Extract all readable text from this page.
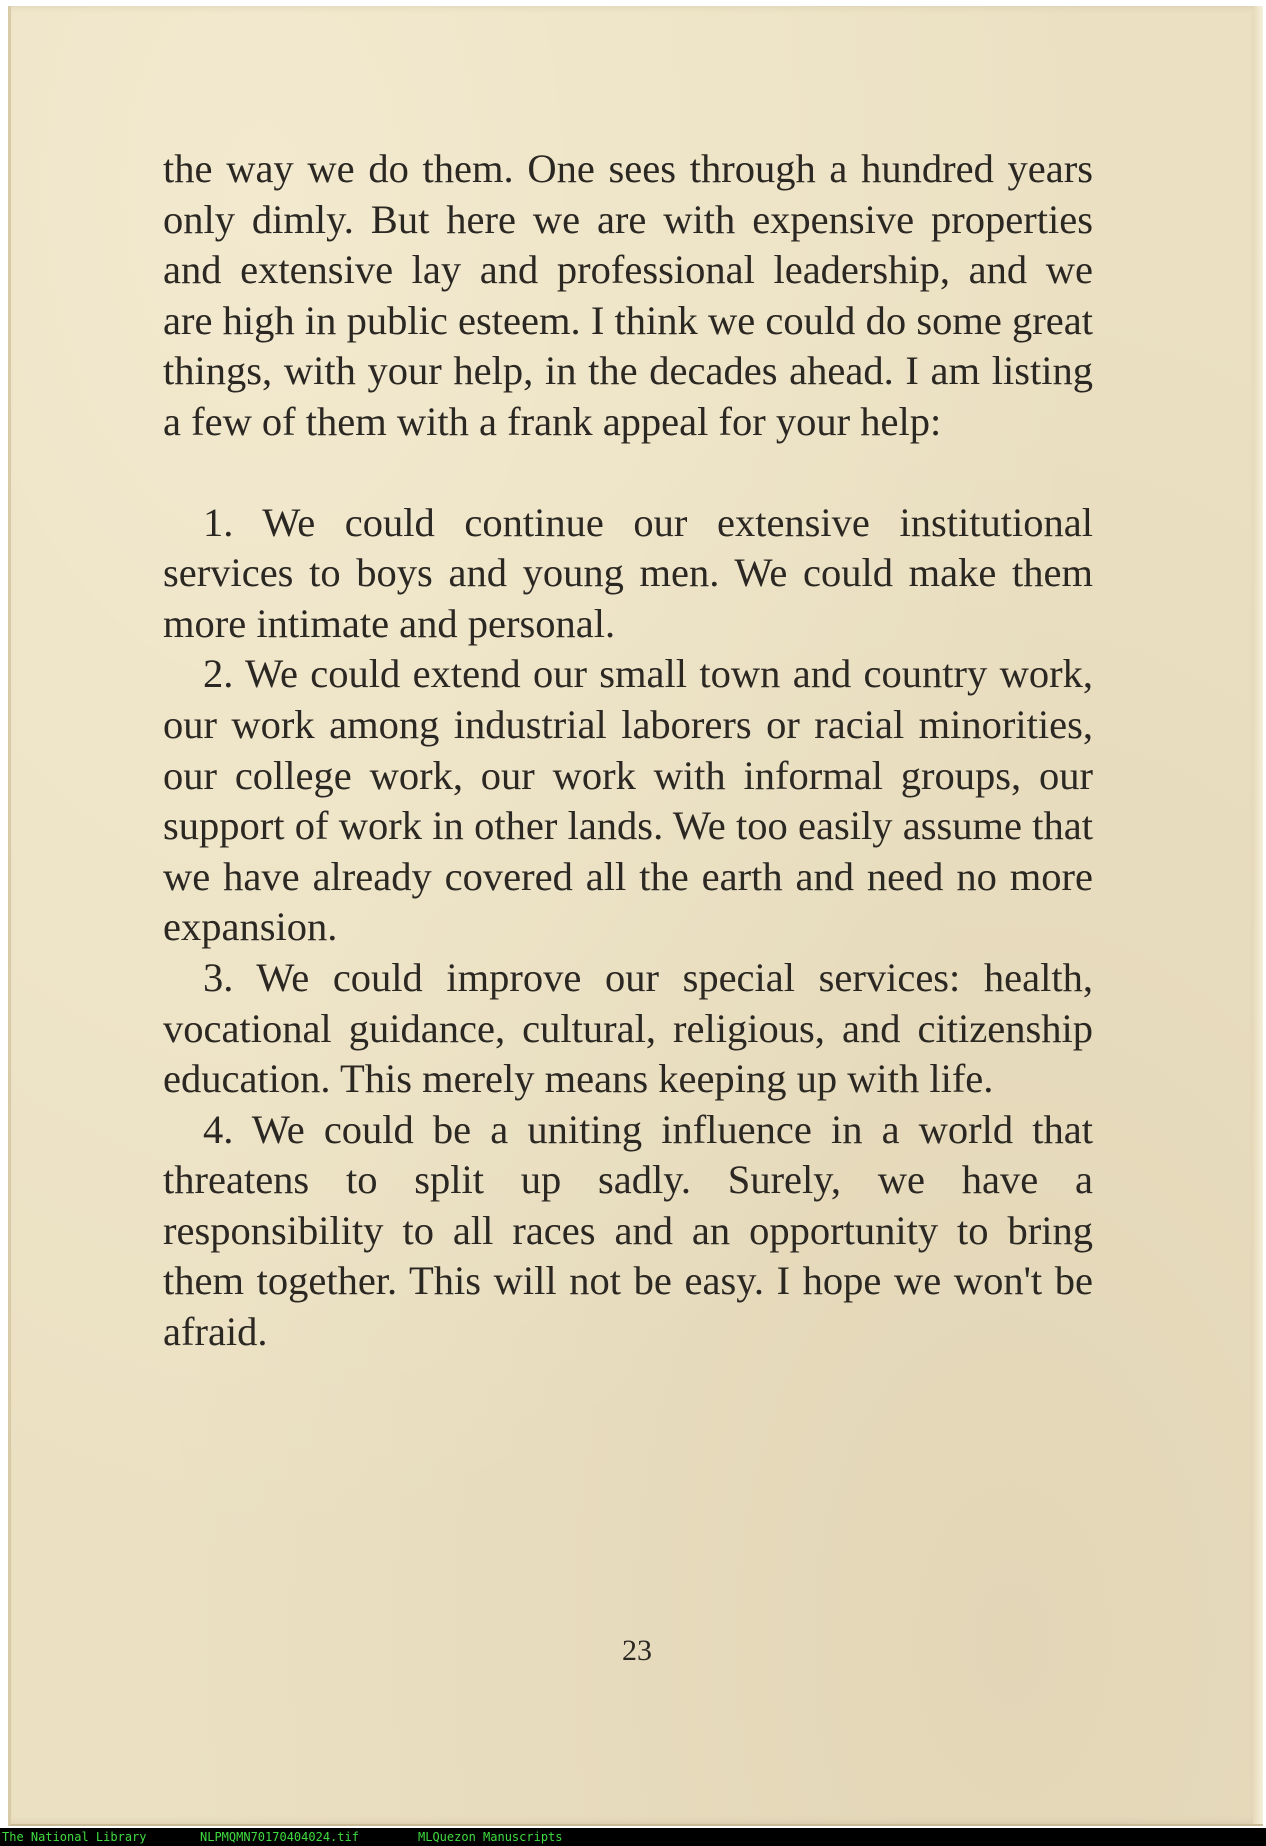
the way we do them. One sees through a hundred years only dimly. But here we are with expensive properties and extensive lay and professional leadership, and we are high in public esteem. I think we could do some great things, with your help, in the decades ahead. I am listing a few of them with a frank appeal for your help:

1. We could continue our extensive institutional services to boys and young men. We could make them more intimate and personal.

2. We could extend our small town and country work, our work among industrial laborers or racial minorities, our college work, our work with informal groups, our support of work in other lands. We too easily assume that we have already covered all the earth and need no more expansion.

3. We could improve our special services: health, vocational guidance, cultural, religious, and citizenship education. This merely means keeping up with life.

4. We could be a uniting influence in a world that threatens to split up sadly. Surely, we have a responsibility to all races and an opportunity to bring them together. This will not be easy. I hope we won't be afraid.

23
The National Library	NLPMQMN70170404024.tif	MLQuezon Manuscripts
